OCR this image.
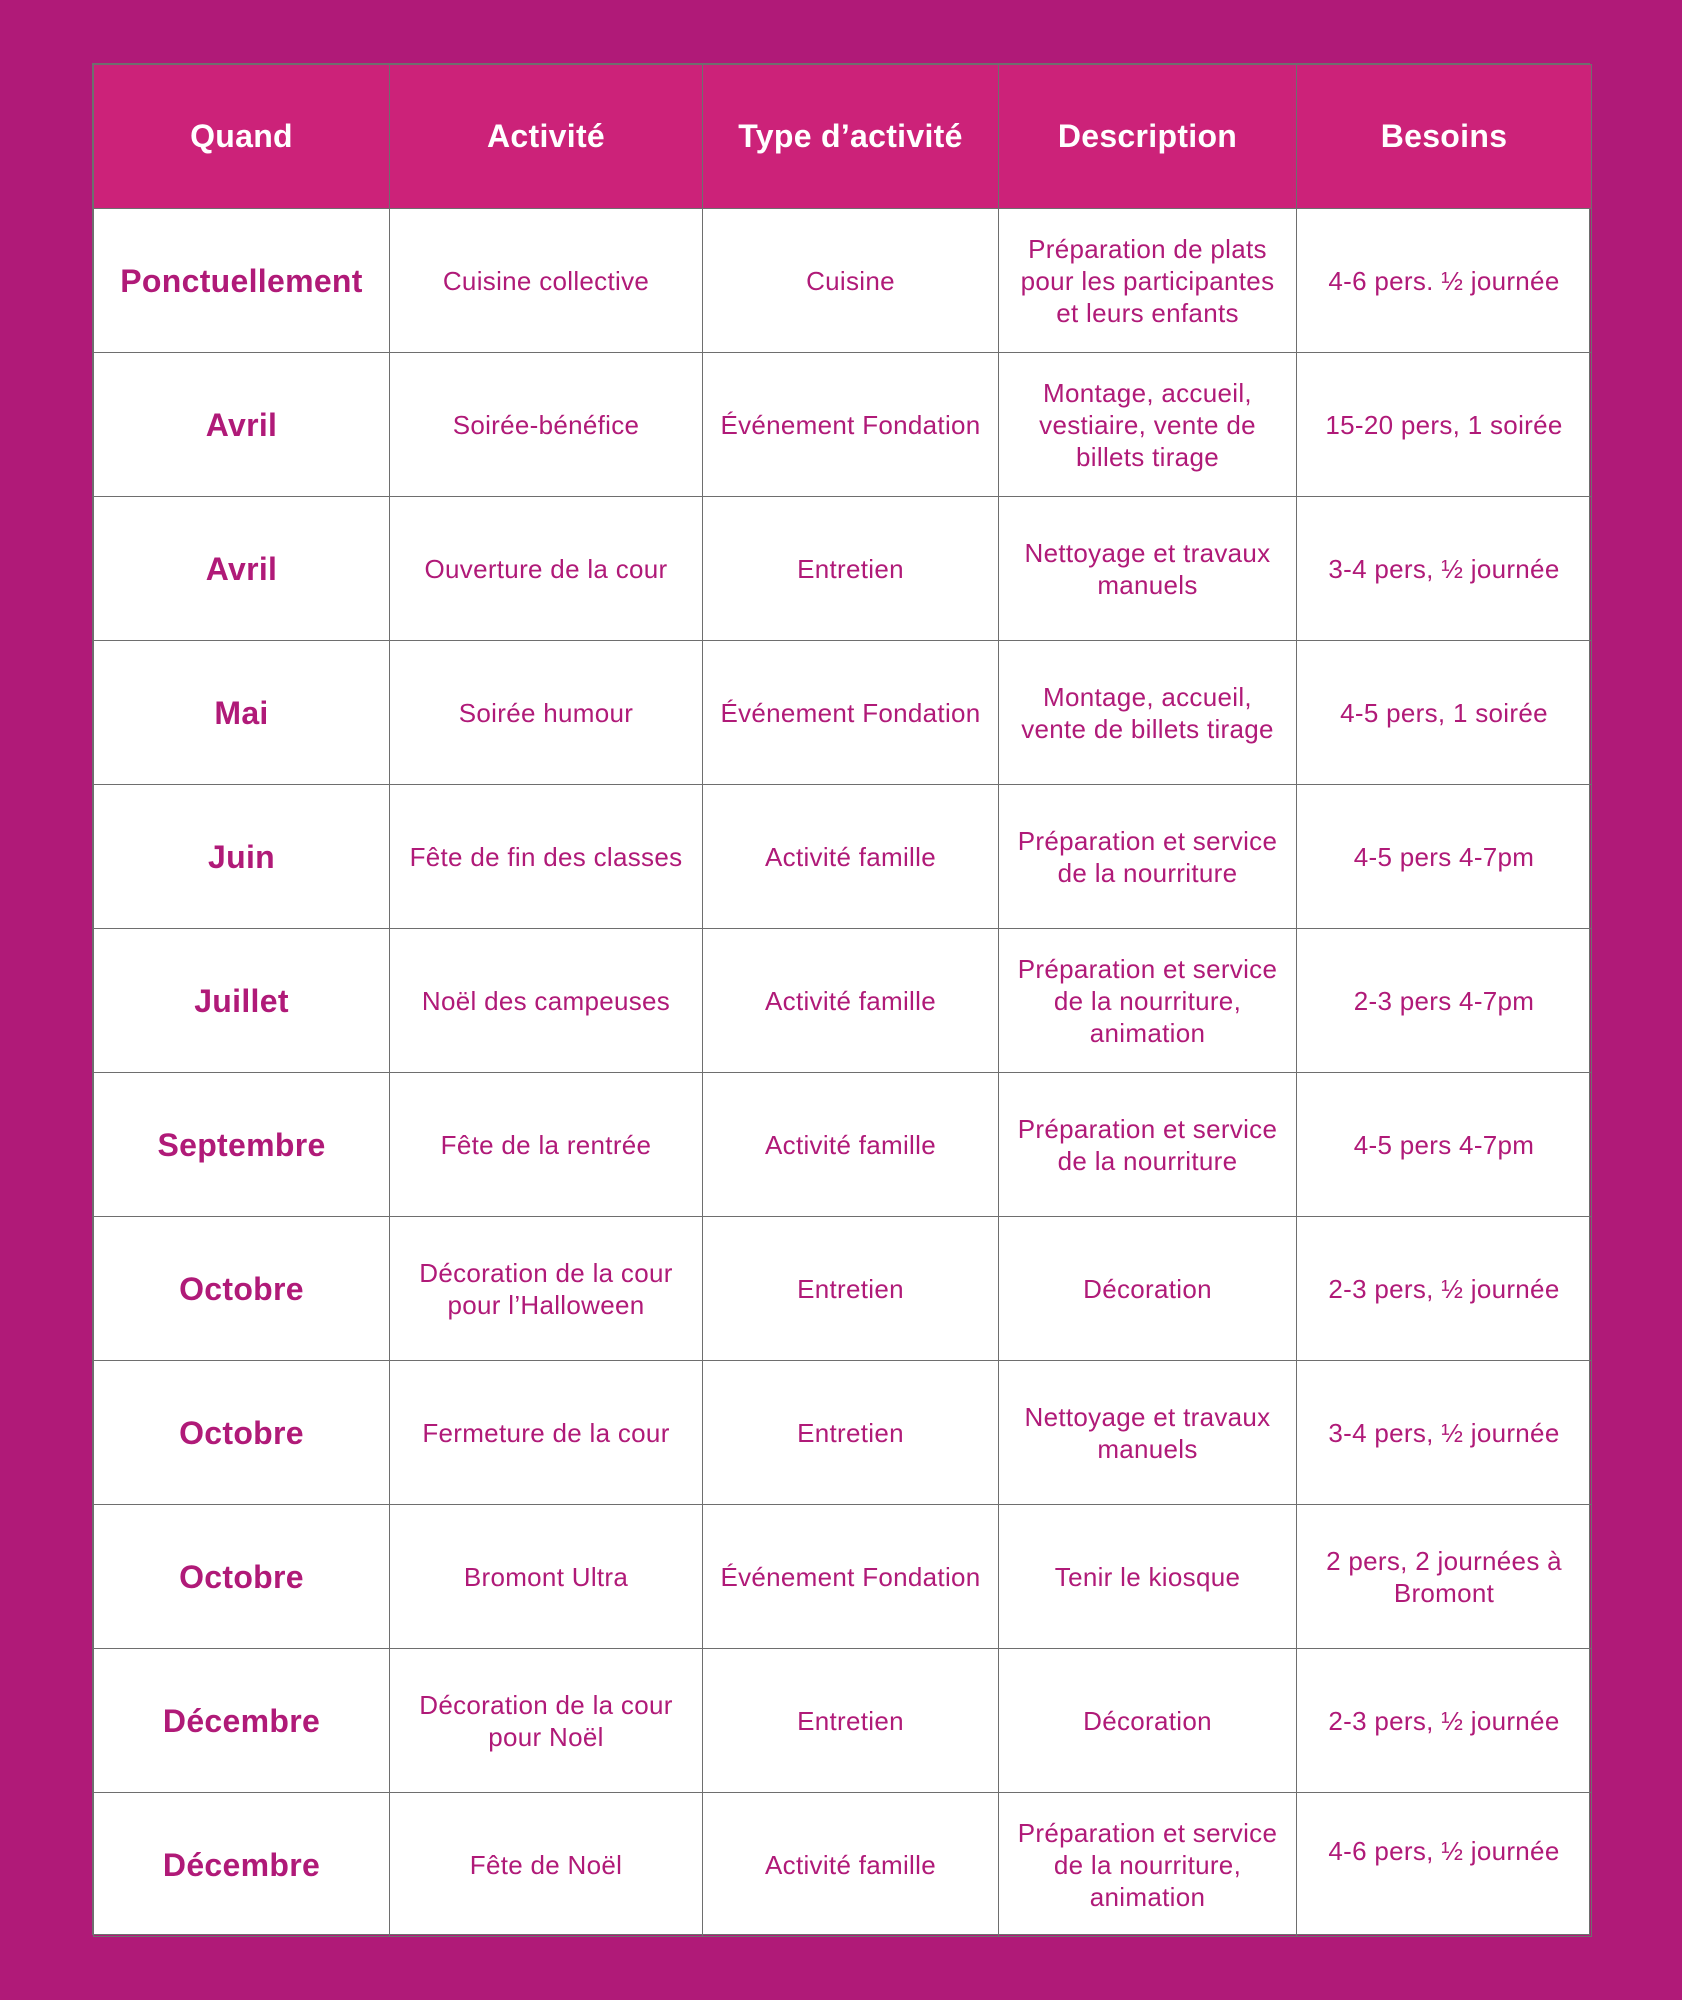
Quand	Activité	Type d’activité	Description	Besoins
Ponctuellement	Cuisine collective	Cuisine	Préparation de plats pour les participantes et leurs enfants	4-6 pers. ½ journée
Avril	Soirée-bénéfice	Événement Fondation	Montage, accueil, vestiaire, vente de billets tirage	15-20 pers, 1 soirée
Avril	Ouverture de la cour	Entretien	Nettoyage et travaux manuels	3-4 pers, ½ journée
Mai	Soirée humour	Événement Fondation	Montage, accueil, vente de billets tirage	4-5 pers, 1 soirée
Juin	Fête de fin des classes	Activité famille	Préparation et service de la nourriture	4-5 pers 4-7pm
Juillet	Noël des campeuses	Activité famille	Préparation et service de la nourriture, animation	2-3 pers 4-7pm
Septembre	Fête de la rentrée	Activité famille	Préparation et service de la nourriture	4-5 pers 4-7pm
Octobre	Décoration de la cour pour l’Halloween	Entretien	Décoration	2-3 pers, ½ journée
Octobre	Fermeture de la cour	Entretien	Nettoyage et travaux manuels	3-4 pers, ½ journée
Octobre	Bromont Ultra	Événement Fondation	Tenir le kiosque	2 pers, 2 journées à Bromont
Décembre	Décoration de la cour pour Noël	Entretien	Décoration	2-3 pers, ½ journée
Décembre	Fête de Noël	Activité famille	Préparation et service de la nourriture, animation	4-6 pers, ½ journée
